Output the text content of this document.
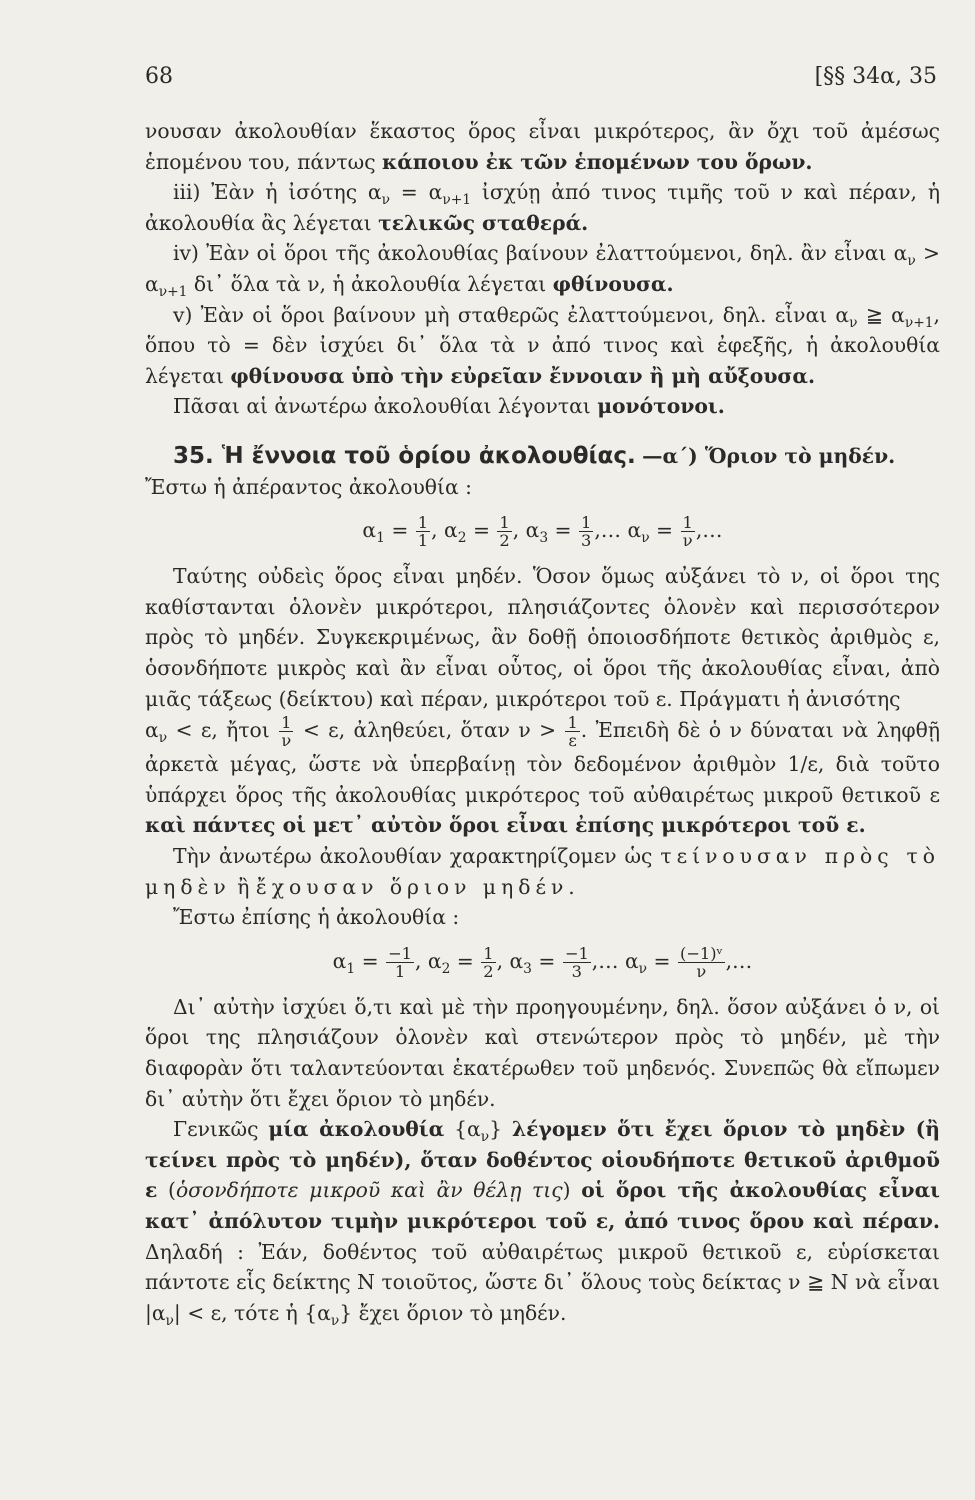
68	[§§ 34α, 35

νουσαν ἀκολουθίαν ἕκαστος ὅρος εἶναι μικρότερος, ἂν ὄχι τοῦ ἀμέσως ἑπομένου του, πάντως κάποιου ἐκ τῶν ἑπομένων του ὅρων.

iii) Ἐὰν ἡ ἰσότης $\alpha_\nu = \alpha_{\nu+1}$ ἰσχύῃ ἀπό τινος τιμῆς τοῦ ν καὶ πέραν, ἡ ἀκολουθία ἂς λέγεται τελικῶς σταθερά.

iv) Ἐὰν οἱ ὅροι τῆς ἀκολουθίας βαίνουν ἐλαττούμενοι, δηλ. ἂν εἶναι $\alpha_\nu > \alpha_{\nu+1}$ δι᾽ ὅλα τὰ ν, ἡ ἀκολουθία λέγεται φθίνουσα.

v) Ἐὰν οἱ ὅροι βαίνουν μὴ σταθερῶς ἐλαττούμενοι, δηλ. εἶναι $\alpha_\nu$ ≧ $\alpha_{\nu+1}$, ὅπου τὸ = δὲν ἰσχύει δι᾽ ὅλα τὰ ν ἀπό τινος καὶ ἐφεξῆς, ἡ ἀκολουθία λέγεται φθίνουσα ὑπὸ τὴν εὐρεῖαν ἔννοιαν ἢ μὴ αὔξουσα.

Πᾶσαι αἱ ἀνωτέρω ἀκολουθίαι λέγονται μονότονοι.

35. Ἡ ἔννοια τοῦ ὁρίου ἀκολουθίας. —α΄) Ὅριον τὸ μηδέν.

Ἔστω ἡ ἀπέραντος ἀκολουθία :

$\alpha_1 = \frac{1}{1}$ , $\alpha_2 = \frac{1}{2}$ , $\alpha_3 = \frac{1}{3}$ ,… $\alpha_\nu = \frac{1}{\nu}$ ,…

Ταύτης οὐδεὶς ὅρος εἶναι μηδέν. Ὅσον ὅμως αὐξάνει τὸ ν, οἱ ὅροι της καθίστανται ὁλονὲν μικρότεροι, πλησιάζοντες ὁλονὲν καὶ περισσότερον πρὸς τὸ μηδέν. Συγκεκριμένως, ἂν δοθῇ ὁποιοσδήποτε θετικὸς ἀριθμὸς ε, ὁσονδήποτε μικρὸς καὶ ἂν εἶναι οὗτος, οἱ ὅροι τῆς ἀκολουθίας εἶναι, ἀπὸ μιᾶς τάξεως (δείκτου) καὶ πέραν, μικρότεροι τοῦ ε. Πράγματι ἡ ἀνισότης

$\alpha_\nu < \varepsilon$, ἤτοι $\frac{1}{\nu} < \varepsilon$, ἀληθεύει, ὅταν $\nu > \frac{1}{\varepsilon}$ . Ἐπειδὴ δὲ ὁ ν δύναται νὰ ληφθῇ ἀρκετὰ μέγας, ὥστε νὰ ὑπερβαίνῃ τὸν δεδομένον ἀριθμὸν 1/ε, διὰ τοῦτο ὑπάρχει ὅρος τῆς ἀκολουθίας μικρότερος τοῦ αὐθαιρέτως μικροῦ θετικοῦ ε καὶ πάντες οἱ μετ᾽ αὐτὸν ὅροι εἶναι ἐπίσης μικρότεροι τοῦ ε.

Τὴν ἀνωτέρω ἀκολουθίαν χαρακτηρίζομεν ὡς τείνουσαν πρὸς τὸ μηδὲν ἢ ἔχουσαν ὅριον μηδέν.

Ἔστω ἐπίσης ἡ ἀκολουθία :

$\alpha_1 = \frac{-1}{1}$ , $\alpha_2 = \frac{1}{2}$ , $\alpha_3 = \frac{-1}{3}$ ,… $\alpha_\nu = \frac{\text{(−1)ᵛ}}{\nu}$ ,…

Δι᾽ αὐτὴν ἰσχύει ὅ,τι καὶ μὲ τὴν προηγουμένην, δηλ. ὅσον αὐξάνει ὁ ν, οἱ ὅροι της πλησιάζουν ὁλονὲν καὶ στενώτερον πρὸς τὸ μηδέν, μὲ τὴν διαφορὰν ὅτι ταλαντεύονται ἑκατέρωθεν τοῦ μηδενός. Συνεπῶς θὰ εἴπωμεν δι᾽ αὐτὴν ὅτι ἔχει ὅριον τὸ μηδέν.

Γενικῶς μία ἀκολουθία $\{\alpha_\nu\}$ λέγομεν ὅτι ἔχει ὅριον τὸ μηδὲν (ἢ τείνει πρὸς τὸ μηδέν), ὅταν δοθέντος οἱουδήποτε θετικοῦ ἀριθμοῦ ε (ὁσονδήποτε μικροῦ καὶ ἂν θέλῃ τις) οἱ ὅροι τῆς ἀκολουθίας εἶναι κατ᾽ ἀπόλυτον τιμὴν μικρότεροι τοῦ ε, ἀπό τινος ὅρου καὶ πέραν. Δηλαδή : Ἐάν, δοθέντος τοῦ αὐθαιρέτως μικροῦ θετικοῦ ε, εὑρίσκεται πάντοτε εἷς δείκτης N τοιοῦτος, ὥστε δι᾽ ὅλους τοὺς δείκτας ν ≧ N νὰ εἶναι $|\alpha_\nu| < \varepsilon$, τότε ἡ $\{\alpha_\nu\}$ ἔχει ὅριον τὸ μηδέν.
